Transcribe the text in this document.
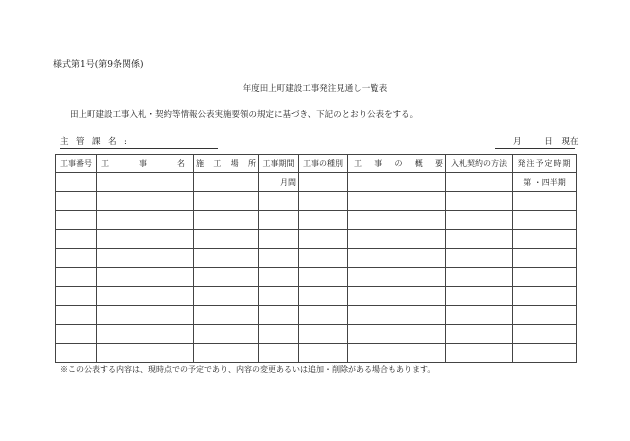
様式第1号(第9条関係)
年度田上町建設工事発注見通し一覧表
田上町建設工事入札・契約等情報公表実施要領の規定に基づき、下記のとおり公表をする。
主 管 課 名 :	月	日 現在
工事番号	工 事 名	施 工 場 所	工事期間	工事の種別	工 事 の 概 要	入札契約の方法	発注予定時期
			月間				第 ・四半期

※この公表する内容は、現時点での予定であり、内容の変更あるいは追加・削除がある場合もあります。
